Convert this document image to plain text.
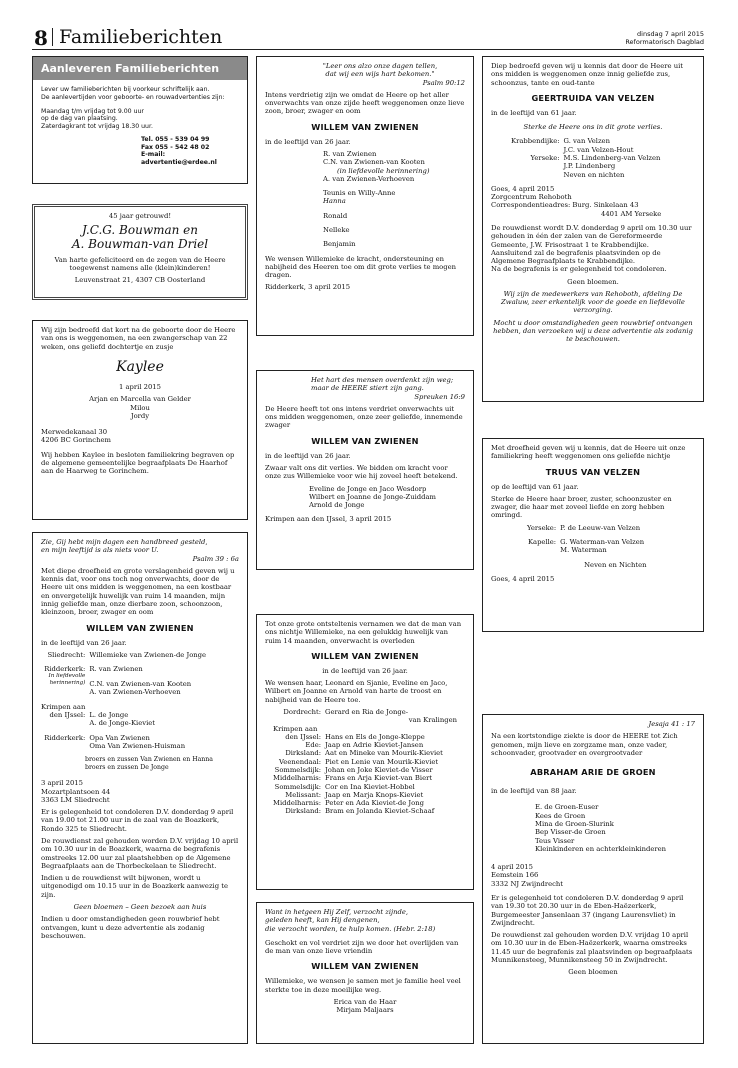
8 Familieberichten	dinsdag 7 april 2015
Reformatorisch Dagblad
Aanleveren Familieberichten
Lever uw familieberichten bij voorkeur schriftelijk aan.
De aanlevertijden voor geboorte- en rouwadvertenties zijn:
Maandag t/m vrijdag tot 9.00 uur
op de dag van plaatsing.
Zaterdagkrant tot vrijdag 18.30 uur.
Tel. 055 - 539 04 99
Fax 055 - 542 48 02
E-mail: advertentie@erdee.nl

45 jaar getrouwd!

J.C.G. Bouwman en
A. Bouwman-van Driel

Van harte gefeliciteerd en de zegen van de Heere toegewenst namens alle (klein)kinderen!

Leuvenstraat 21, 4307 CB Oosterland

Wij zijn bedroefd dat kort na de geboorte door de Heere van ons is weggenomen, na een zwangerschap van 22 weken, ons geliefd dochtertje en zusje

Kaylee

1 april 2015

Arjan en Marcella van Gelder
Milou
Jordy
Merwedekanaal 30
4206 BC Gorinchem

Wij hebben Kaylee in besloten familiekring begraven op de algemene gemeentelijke begraafplaats De Haarhof aan de Haarweg te Gorinchem.

Zie, Gij hebt mijn dagen een handbreed gesteld,
en mijn leeftijd is als niets voor U.

Psalm 39 : 6a

Met diepe droefheid en grote verslagenheid geven wij u kennis dat, voor ons toch nog onverwachts, door de Heere uit ons midden is weggenomen, na een kostbaar en onvergetelijk huwelijk van ruim 14 maanden, mijn innig geliefde man, onze dierbare zoon, schoonzoon, kleinzoon, broer, zwager en oom

WILLEM VAN ZWIENEN

in de leeftijd van 26 jaar.

Sliedrecht: Willemieke van Zwienen-de Jonge
Ridderkerk: R. van Zwienen
In liefdevolle
herinnering) C.N. van Zwienen-van Kooten
A. van Zwienen-Verhoeven
Krimpen aan
den IJssel: L. de Jonge
A. de Jonge-Kieviet
Ridderkerk: Opa Van Zwienen
Oma Van Zwienen-Huisman
broers en zussen Van Zwienen en Hanna
broers en zussen De Jonge
3 april 2015
Mozartplantsoen 44
3363 LM Sliedrecht

Er is gelegenheid tot condoleren D.V. donderdag 9 april van 19.00 tot 21.00 uur in de zaal van de Boazkerk, Rondo 325 te Sliedrecht.

De rouwdienst zal gehouden worden D.V. vrijdag 10 april om 10.30 uur in de Boazkerk, waarna de begrafenis omstreeks 12.00 uur zal plaatshebben op de Algemene Begraafplaats aan de Thorbeckelaan te Sliedrecht.

Indien u de rouwdienst wilt bijwonen, wordt u uitgenodigd om 10.15 uur in de Boazkerk aanwezig te zijn.

Geen bloemen – Geen bezoek aan huis

Indien u door omstandigheden geen rouwbrief hebt ontvangen, kunt u deze advertentie als zodanig beschouwen.

"Leer ons alzo onze dagen tellen,
dat wij een wijs hart bekomen."

Psalm 90:12

Intens verdrietig zijn we omdat de Heere op het aller onverwachts van onze zijde heeft weggenomen onze lieve zoon, broer, zwager en oom

WILLEM VAN ZWIENEN

in de leeftijd van 26 jaar.

R. van Zwienen
C.N. van Zwienen-van Kooten
(in liefdevolle herinnering)
A. van Zwienen-Verhoeven
Teunis en Willy-Anne
Hanna
Ronald
Nelleke
Benjamin

We wensen Willemieke de kracht, ondersteuning en nabijheid des Heeren toe om dit grote verlies te mogen dragen.

Ridderkerk, 3 april 2015

Het hart des mensen overdenkt zijn weg;
maar de HEERE stiert zijn gang.

Spreuken 16:9

De Heere heeft tot ons intens verdriet onverwachts uit ons midden weggenomen, onze zeer geliefde, innemende zwager

WILLEM VAN ZWIENEN

in de leeftijd van 26 jaar.

Zwaar valt ons dit verlies. We bidden om kracht voor onze zus Willemieke voor wie hij zoveel heeft betekend.

Eveline de Jonge en Jaco Wesdorp
Wilbert en Joanne de Jonge-Zuiddam
Arnold de Jonge

Krimpen aan den IJssel, 3 april 2015

Tot onze grote ontsteltenis vernamen we dat de man van ons nichtje Willemieke, na een gelukkig huwelijk van ruim 14 maanden, onverwacht is overleden

WILLEM VAN ZWIENEN

in de leeftijd van 26 jaar.

We wensen haar, Leonard en Sjanie, Eveline en Jaco, Wilbert en Joanne en Arnold van harte de troost en nabijheid van de Heere toe.

Dordrecht: Gerard en Ria de Jonge-
van Kralingen
Krimpen aan
den IJssel: Hans en Els de Jonge-Kleppe
Ede: Jaap en Adrie Kieviet-Jansen
Dirksland: Aat en Mineke van Mourik-Kieviet
Veenendaal: Piet en Lenie van Mourik-Kieviet
Sommelsdijk: Johan en Joke Kieviet-de Visser
Middelharnis: Frans en Arja Kieviet-van Biert
Sommelsdijk: Cor en Ina Kieviet-Hobbel
Melissant: Jaap en Marja Knops-Kieviet
Middelharnis: Peter en Ada Kieviet-de Jong
Dirksland: Bram en Jolanda Kieviet-Schaaf
Want in hetgeen Hij Zelf, verzocht zijnde,
geleden heeft, kan Hij dengenen,
die verzocht worden, te hulp komen. (Hebr. 2:18)

Geschokt en vol verdriet zijn we door het overlijden van de man van onze lieve vriendin

WILLEM VAN ZWIENEN

Willemieke, we wensen je samen met je familie heel veel sterkte toe in deze moeilijke weg.

Erica van de Haar
Mirjam Maljaars

Diep bedroefd geven wij u kennis dat door de Heere uit ons midden is weggenomen onze innig geliefde zus, schoonzus, tante en oud-tante

GEERTRUIDA VAN VELZEN

in de leeftijd van 61 jaar.

Sterke de Heere ons in dit grote verlies.

Krabbendijke: G. van Velzen
J.C. van Velzen-Hout
Yerseke: M.S. Lindenberg-van Velzen
J.P. Lindenberg
Neven en nichten
Goes, 4 april 2015
Zorgcentrum Rehoboth
Correspondentieadres: Burg. Sinkelaan 43
4401 AM Yerseke

De rouwdienst wordt D.V. donderdag 9 april om 10.30 uur gehouden in één der zalen van de Gereformeerde Gemeente, J.W. Frisostraat 1 te Krabbendijke.

Aansluitend zal de begrafenis plaatsvinden op de Algemene Begraafplaats te Krabbendijke.

Na de begrafenis is er gelegenheid tot condoleren.

Geen bloemen.

Wij zijn de medewerkers van Rehoboth, afdeling De Zwaluw, zeer erkentelijk voor de goede en liefdevolle verzorging.

Mocht u door omstandigheden geen rouwbrief ontvangen hebben, dan verzoeken wij u deze advertentie als zodanig te beschouwen.

Met droefheid geven wij u kennis, dat de Heere uit onze familiekring heeft weggenomen ons geliefde nichtje

TRUUS VAN VELZEN

op de leeftijd van 61 jaar.

Sterke de Heere haar broer, zuster, schoonzuster en zwager, die haar met zoveel liefde en zorg hebben omringd.

Yerseke: P. de Leeuw-van Velzen
Kapelle: G. Waterman-van Velzen
M. Waterman
Neven en Nichten

Goes, 4 april 2015

Jesaja 41 : 17

Na een kortstondige ziekte is door de HEERE tot Zich genomen, mijn lieve en zorgzame man, onze vader, schoonvader, grootvader en overgrootvader

ABRAHAM ARIE DE GROEN

in de leeftijd van 88 jaar.

E. de Groen-Euser
Kees de Groen
Mina de Groen-Slurink
Bep Visser-de Groen
Teus Visser
Kleinkinderen en achterkleinkinderen
4 april 2015
Eemstein 166
3332 NJ Zwijndrecht

Er is gelegenheid tot condoleren D.V. donderdag 9 april van 19.30 tot 20.30 uur in de Eben-Haëzerkerk, Burgemeester Jansenlaan 37 (ingang Laurensvliet) in Zwijndrecht.

De rouwdienst zal gehouden worden D.V. vrijdag 10 april om 10.30 uur in de Eben-Haëzerkerk, waarna omstreeks 11.45 uur de begrafenis zal plaatsvinden op begraafplaats Munnikensteeg, Munnikensteeg 50 in Zwijndrecht.

Geen bloemen
